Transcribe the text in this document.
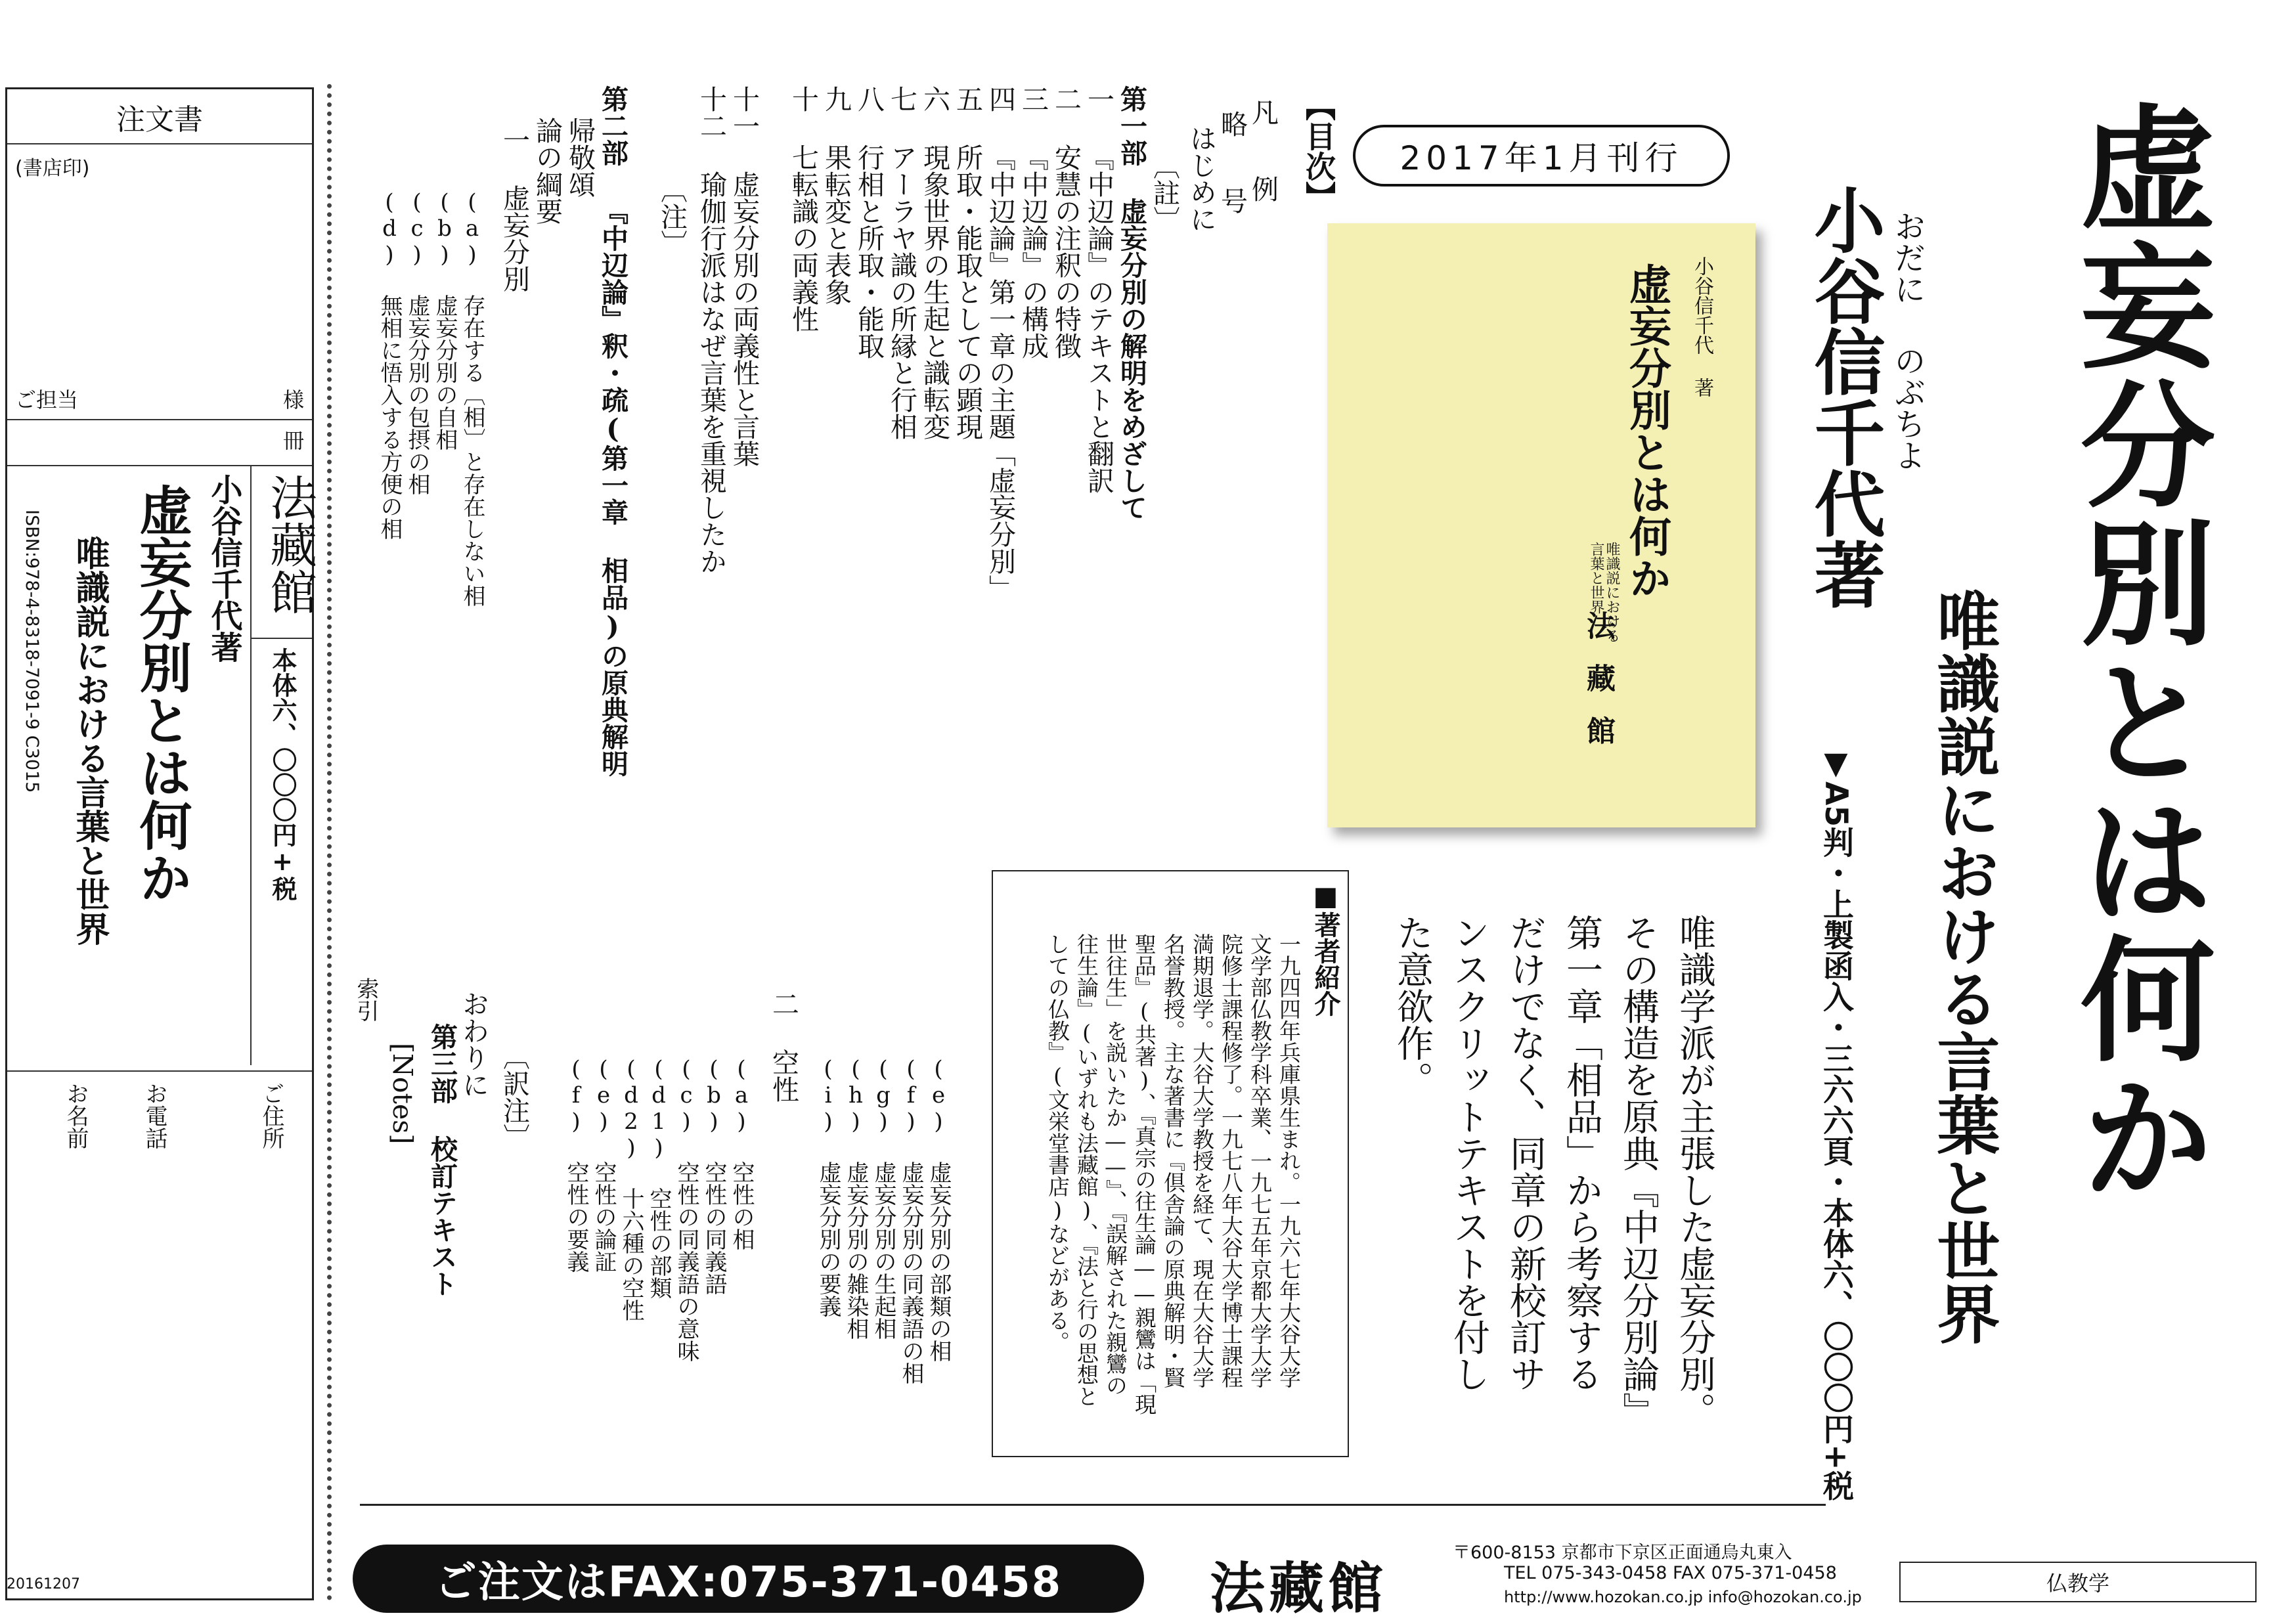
注文書
(書店印)
ご担当	様
冊
法藏館
本体六、〇〇〇円+税
小谷信千代著
虚妄分別とは何か
唯識説における言葉と世界
ISBN:978-4-8318-7091-9 C3015
ご住所
お電話
お名前
20161207
虚妄分別とは何か
唯識説における言葉と世界
おだに
のぶちよ
小谷信千代著
▼A5判・上製函入・三六六頁・本体六、〇〇〇円+税
2017年1月刊行
虚妄分別とは何か 小谷信千代 著
唯識説における
言葉と世界
法藏館
唯識学派が主張した虚妄分別。
その構造を原典『中辺分別論』
第一章「相品」から考察する
だけでなく、同章の新校訂サ
ンスクリットテキストを付し
た意欲作。
■著者紹介
一九四四年兵庫県生まれ。一九六七年大谷大学
文学部仏教学科卒業、一九七五年京都大学大学
院修士課程修了。一九七八年大谷大学博士課程
満期退学。大谷大学教授を経て、現在大谷大学
名誉教授。主な著書に『倶舎論の原典解明・賢
聖品』(共著)、『真宗の往生論——親鸞は「現
世往生」を説いたか——』、『誤解された親鸞の
往生論』(いずれも法藏館)、『法と行の思想と
しての仏教』(文栄堂書店)などがある。
【目次】
凡 例
略 号
はじめに
第一部 虚妄分別の解明をめざして 〔註〕
一 『中辺論』のテキストと翻訳
二 安慧の注釈の特徴
三 『中辺論』の構成
四 『中辺論』第一章の主題「虚妄分別」
五 所取・能取としての顕現
六 現象世界の生起と識転変
七 アーラヤ識の所縁と行相
八 行相と所取・能取
九 果転変と表象
十 七転識の両義性
十一 虚妄分別の両義性と言葉
十二 瑜伽行派はなぜ言葉を重視したか
〔注〕
第二部 『中辺論』釈・疏(第一章 相品)の原典解明
帰敬頌
論の綱要
一 虚妄分別
(a) 存在する〔相〕と存在しない相
(b) 虚妄分別の自相
(c) 虚妄分別の包摂の相
(d) 無相に悟入する方便の相
(e) 虚妄分別の部類の相
(f) 虚妄分別の同義語の相
(g) 虚妄分別の生起相
(h) 虚妄分別の雑染相
(i) 虚妄分別の要義
二 空性
(a) 空性の相
(b) 空性の同義語
(c) 空性の同義語の意味
(d1) 空性の部類
(d2) 十六種の空性
(e) 空性の論証
(f) 空性の要義
〔訳注〕
第三部 校訂テキスト
[Notes] おわりに
索引
ご注文はFAX:075-371-0458	法藏館
〒600-8153 京都市下京区正面通烏丸東入
TEL 075-343-0458 FAX 075-371-0458
http://www.hozokan.co.jp info@hozokan.co.jp
仏教学
